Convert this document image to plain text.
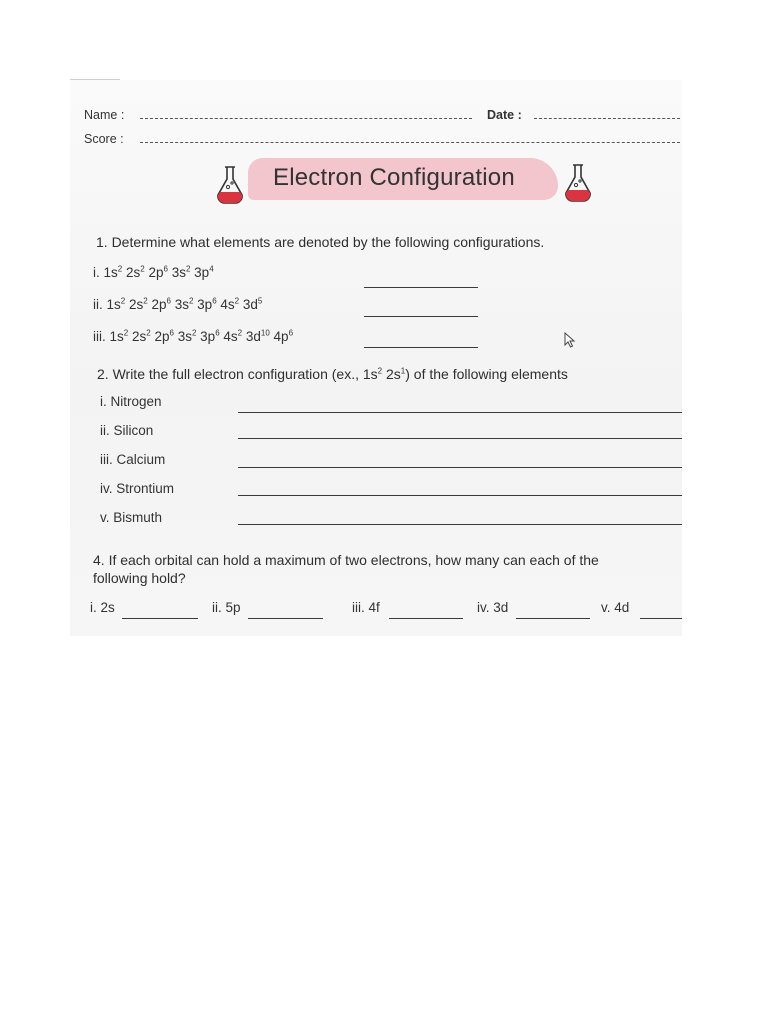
Name :	Date :
Score :
Electron Configuration
1. Determine what elements are denoted by the following configurations.
i. $1s^2$ $2s^2$ $2p^6$ $3s^2$ $3p^4$
ii. $1s^2$ $2s^2$ $2p^6$ $3s^2$ $3p^6$ $4s^2$ $3d^5$
iii. $1s^2$ $2s^2$ $2p^6$ $3s^2$ $3p^6$ $4s^2$ $3d^{10}$ $4p^6$
2. Write the full electron configuration (ex., $1s^2$ $2s^1$) of the following elements
i. Nitrogen
ii. Silicon
iii. Calcium
iv. Strontium
v. Bismuth
4. If each orbital can hold a maximum of two electrons, how many can each of the
following hold?
i. 2s	ii. 5p	iii. 4f	iv. 3d	v. 4d
